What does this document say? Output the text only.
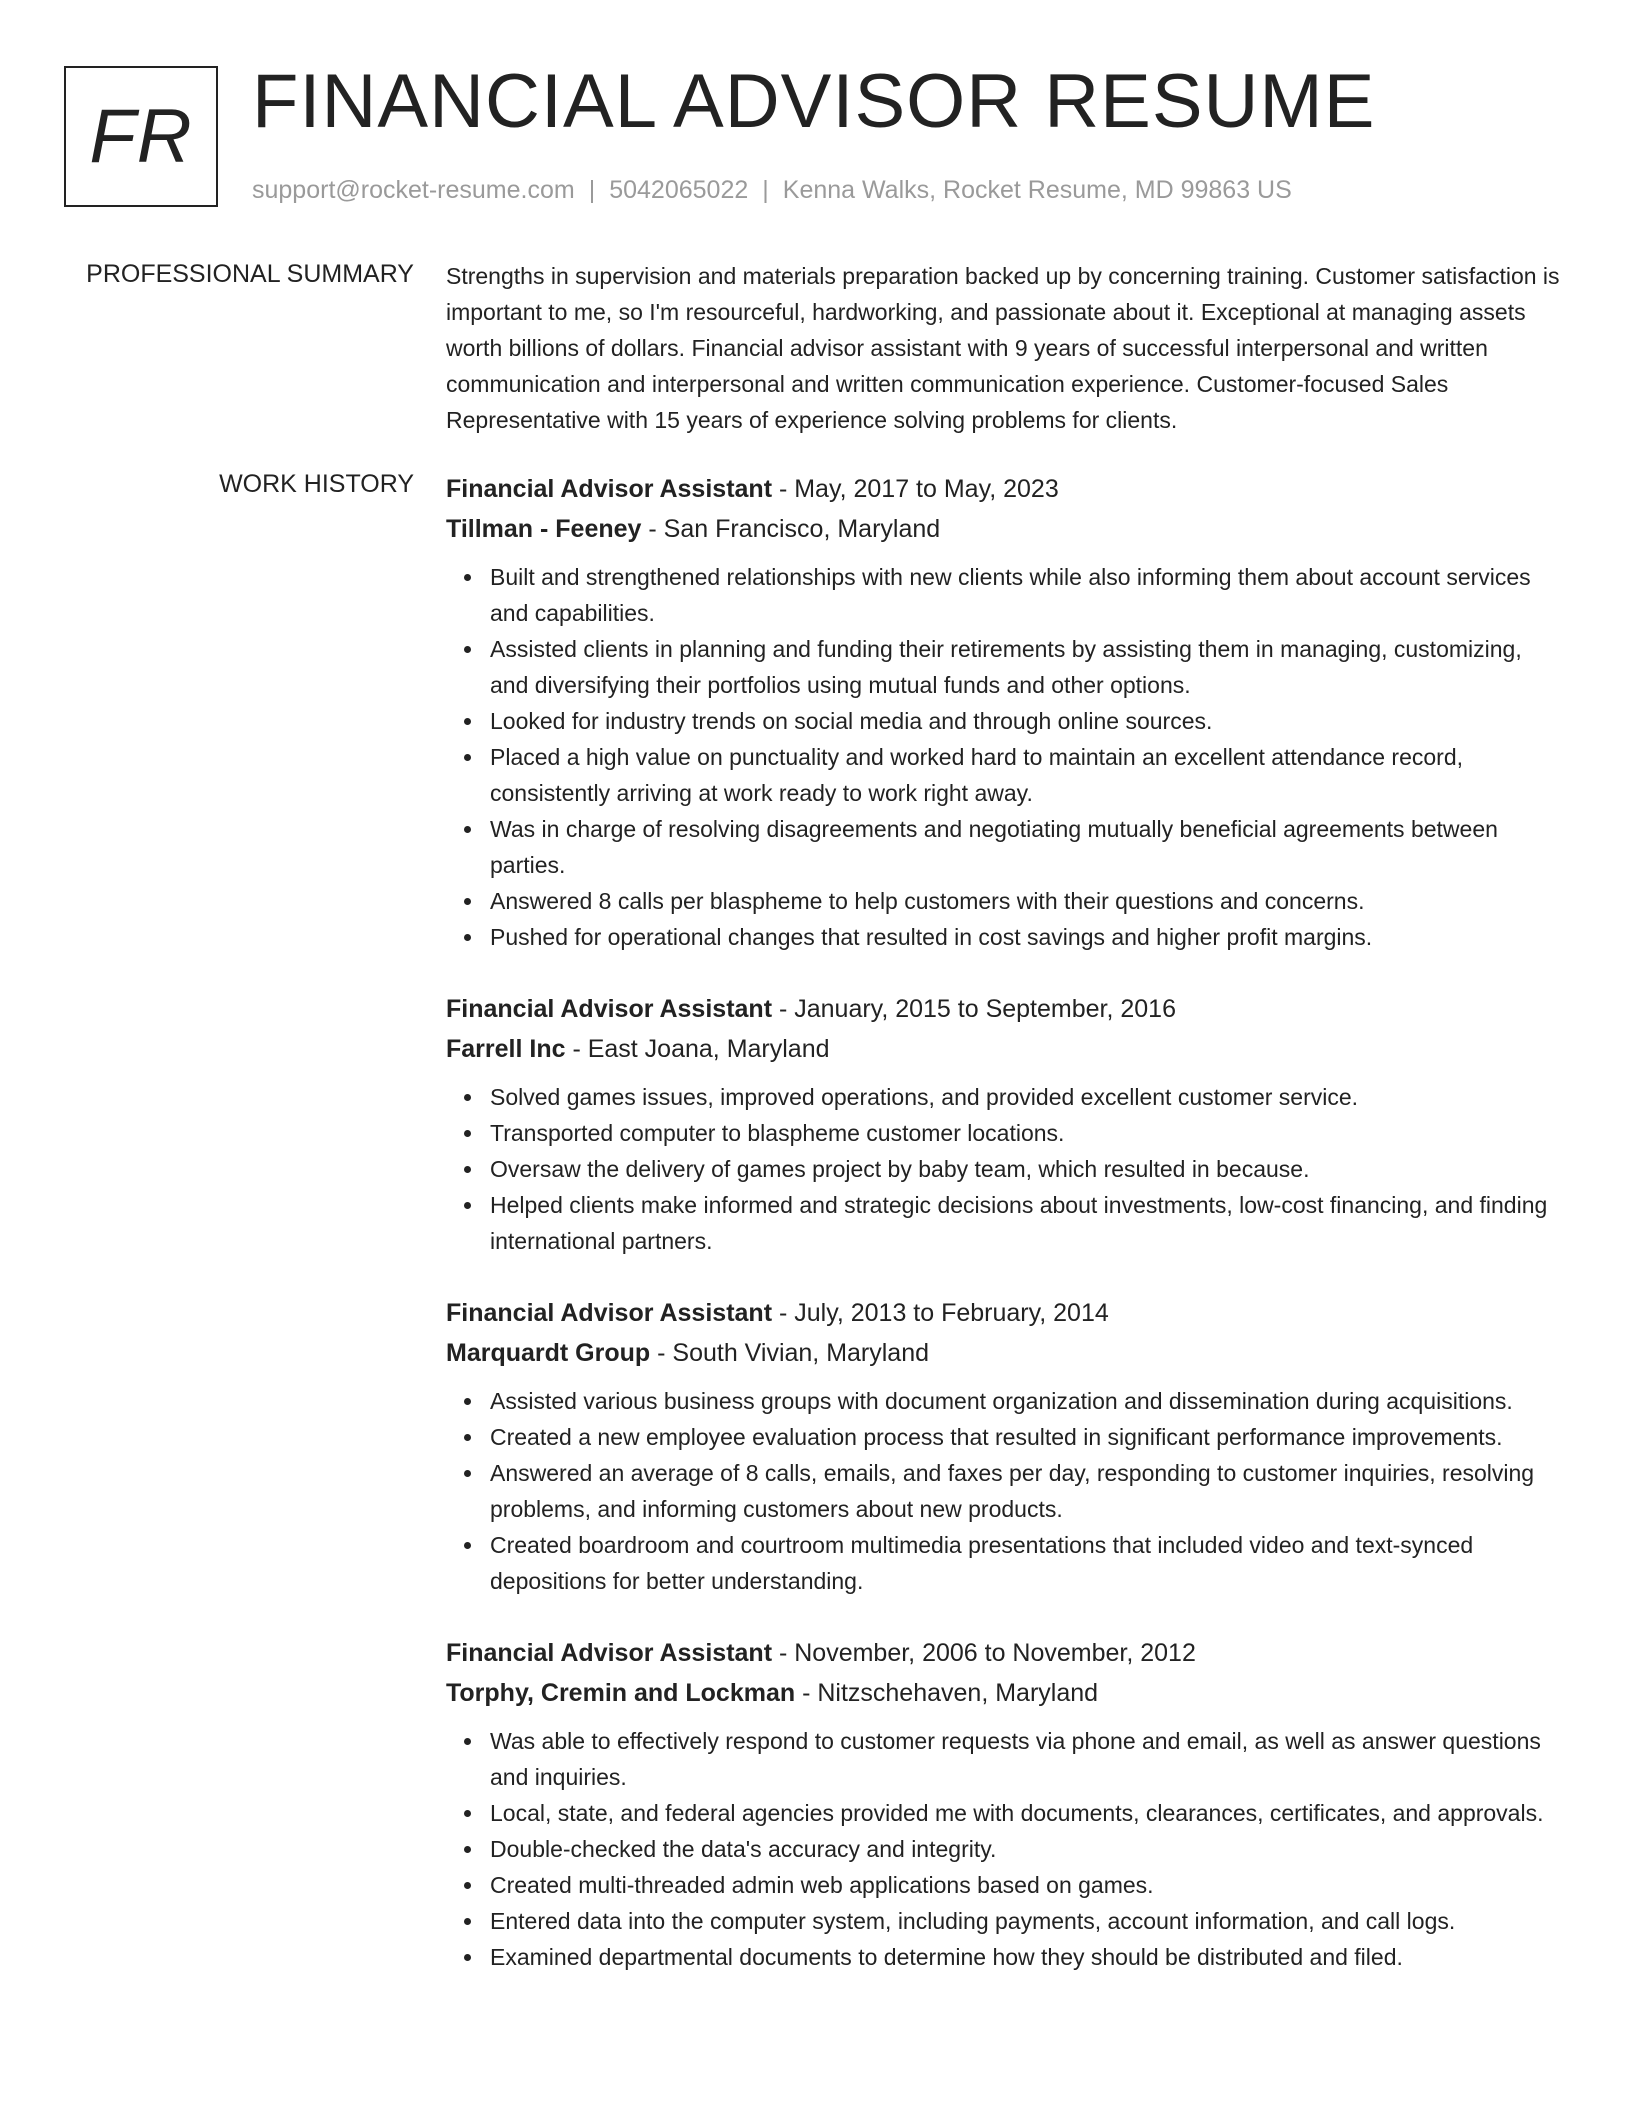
FR FINANCIAL ADVISOR RESUME
support@rocket-resume.com | 5042065022 | Kenna Walks, Rocket Resume, MD 99863 US
PROFESSIONAL SUMMARY Strengths in supervision and materials preparation backed up by concerning training. Customer satisfaction is important to me, so I'm resourceful, hardworking, and passionate about it. Exceptional at managing assets worth billions of dollars. Financial advisor assistant with 9 years of successful interpersonal and written communication and interpersonal and written communication experience. Customer-focused Sales Representative with 15 years of experience solving problems for clients.
WORK HISTORY Financial Advisor Assistant - May, 2017 to May, 2023
Tillman - Feeney - San Francisco, Maryland
Built and strengthened relationships with new clients while also informing them about account services and capabilities.
Assisted clients in planning and funding their retirements by assisting them in managing, customizing, and diversifying their portfolios using mutual funds and other options.
Looked for industry trends on social media and through online sources.
Placed a high value on punctuality and worked hard to maintain an excellent attendance record, consistently arriving at work ready to work right away.
Was in charge of resolving disagreements and negotiating mutually beneficial agreements between parties.
Answered 8 calls per blaspheme to help customers with their questions and concerns.
Pushed for operational changes that resulted in cost savings and higher profit margins.
Financial Advisor Assistant - January, 2015 to September, 2016
Farrell Inc - East Joana, Maryland
Solved games issues, improved operations, and provided excellent customer service.
Transported computer to blaspheme customer locations.
Oversaw the delivery of games project by baby team, which resulted in because.
Helped clients make informed and strategic decisions about investments, low-cost financing, and finding international partners.
Financial Advisor Assistant - July, 2013 to February, 2014
Marquardt Group - South Vivian, Maryland
Assisted various business groups with document organization and dissemination during acquisitions.
Created a new employee evaluation process that resulted in significant performance improvements.
Answered an average of 8 calls, emails, and faxes per day, responding to customer inquiries, resolving problems, and informing customers about new products.
Created boardroom and courtroom multimedia presentations that included video and text-synced depositions for better understanding.
Financial Advisor Assistant - November, 2006 to November, 2012
Torphy, Cremin and Lockman - Nitzschehaven, Maryland
Was able to effectively respond to customer requests via phone and email, as well as answer questions and inquiries.
Local, state, and federal agencies provided me with documents, clearances, certificates, and approvals.
Double-checked the data's accuracy and integrity.
Created multi-threaded admin web applications based on games.
Entered data into the computer system, including payments, account information, and call logs.
Examined departmental documents to determine how they should be distributed and filed.
